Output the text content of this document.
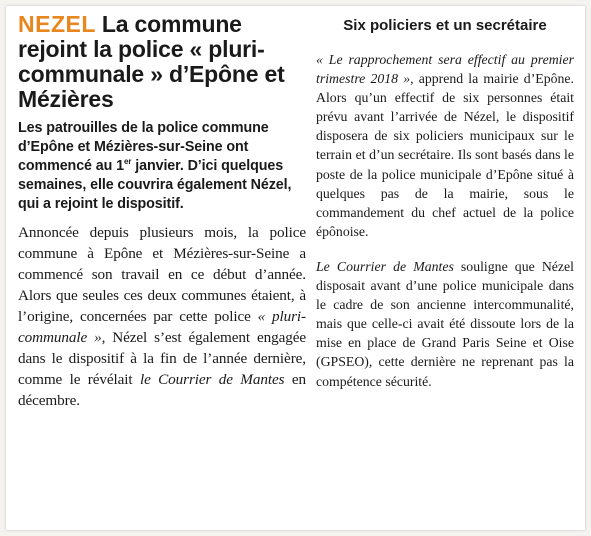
NEZEL La commune rejoint la police « pluri-communale » d’Epône et Mézières

Les patrouilles de la police commune d’Epône et Mézières-sur-Seine ont commencé au 1er janvier. D’ici quelques semaines, elle couvrira également Nézel, qui a rejoint le dispositif.

Annoncée depuis plusieurs mois, la police commune à Epône et Mézières-sur-Seine a commencé son travail en ce début d’année. Alors que seules ces deux communes étaient, à l’origine, concernées par cette police « pluri-communale », Nézel s’est également engagée dans le dispositif à la fin de l’année dernière, comme le révélait le Courrier de Mantes en décembre.

Six policiers et un secrétaire

« Le rapprochement sera effectif au premier trimestre 2018 », apprend la mairie d’Epône. Alors qu’un effectif de six personnes était prévu avant l’arrivée de Nézel, le dispositif disposera de six policiers municipaux sur le terrain et d’un secrétaire. Ils sont basés dans le poste de la police municipale d’Epône situé à quelques pas de la mairie, sous le commandement du chef actuel de la police épônoise.

Le Courrier de Mantes souligne que Nézel disposait avant d’une police municipale dans le cadre de son ancienne intercommunalité, mais que celle-ci avait été dissoute lors de la mise en place de Grand Paris Seine et Oise (GPSEO), cette dernière ne reprenant pas la compétence sécurité.
